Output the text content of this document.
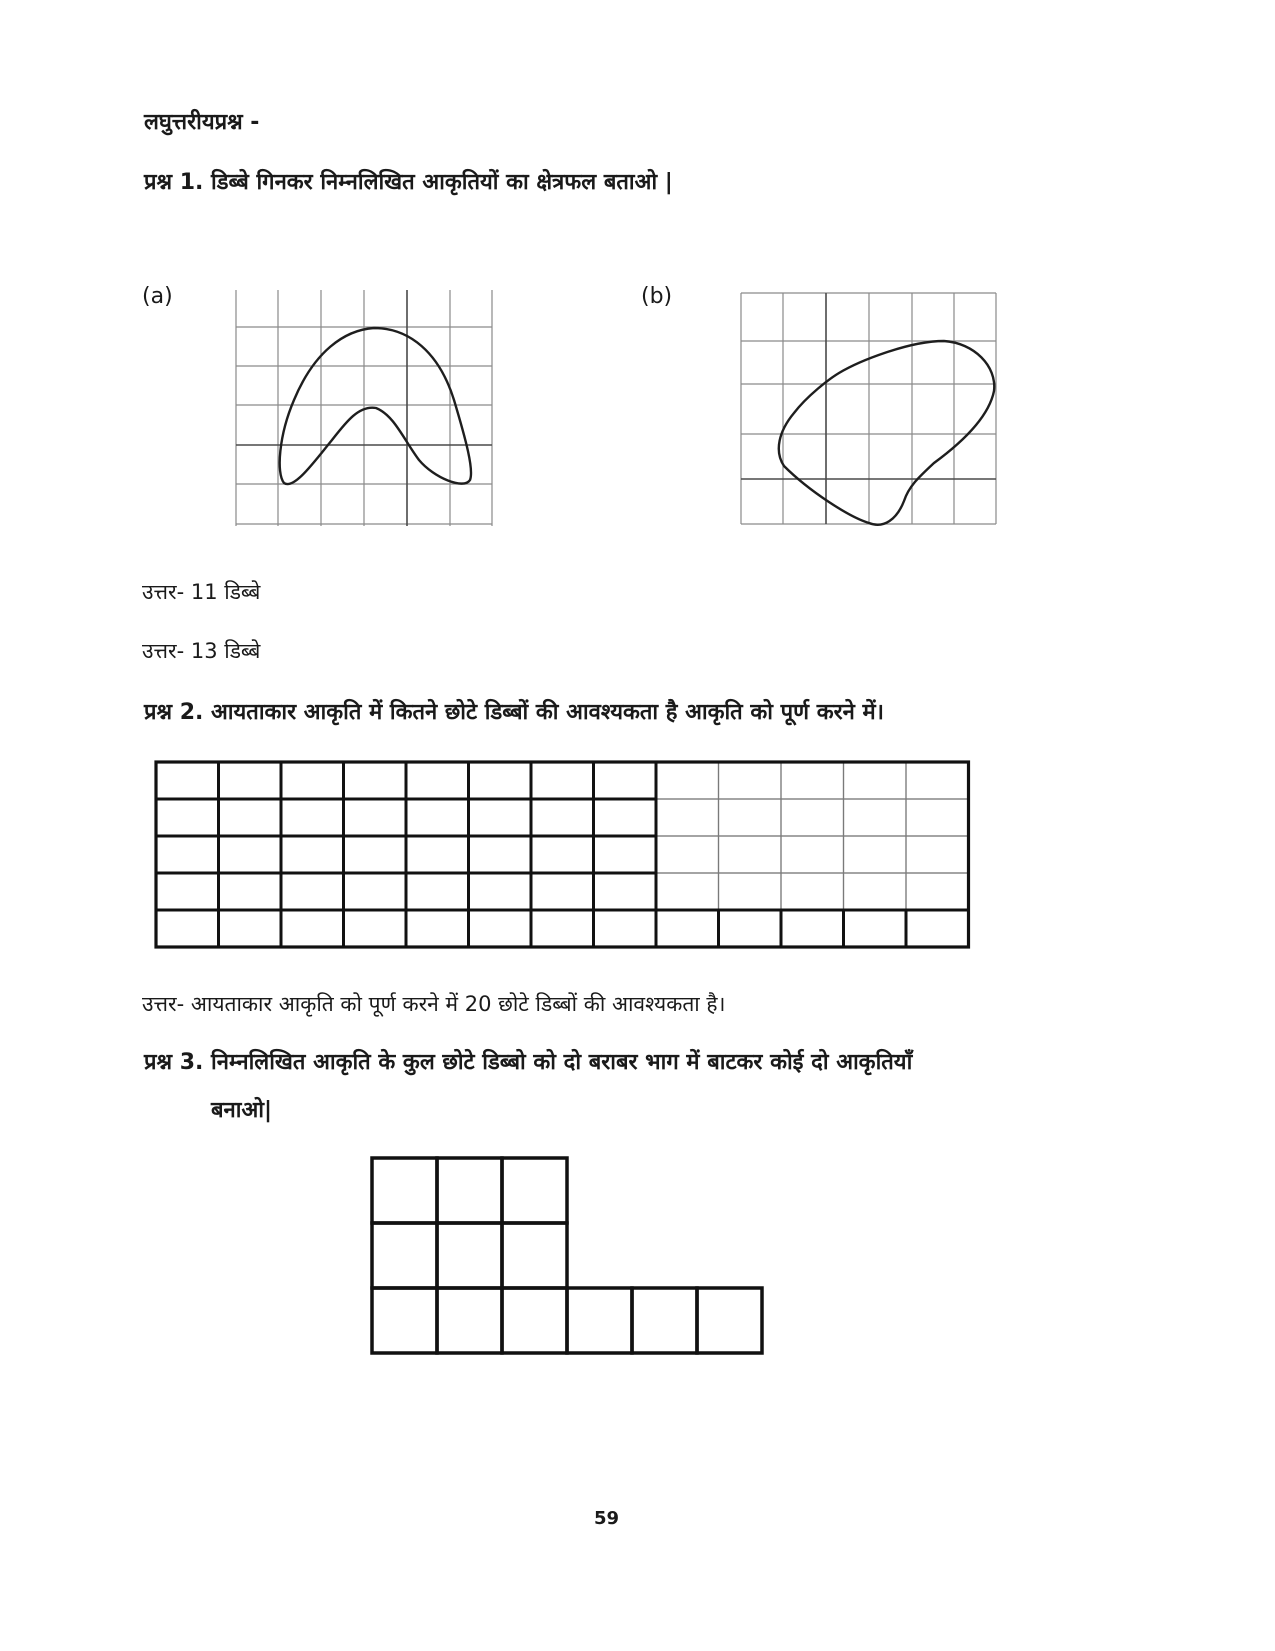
लघुत्तरीयप्रश्न -
प्रश्न 1. डिब्बे गिनकर निम्नलिखित आकृतियों का क्षेत्रफल बताओ |
(a)	(b)
उत्तर- 11 डिब्बे
उत्तर- 13 डिब्बे
प्रश्न 2. आयताकार आकृति में कितने छोटे डिब्बों की आवश्यकता है आकृति को पूर्ण करने में।
उत्तर- आयताकार आकृति को पूर्ण करने में 20 छोटे डिब्बों की आवश्यकता है।
प्रश्न 3. निम्नलिखित आकृति के कुल छोटे डिब्बो को दो बराबर भाग में बाटकर कोई दो आकृतियाँ
बनाओ|
59
